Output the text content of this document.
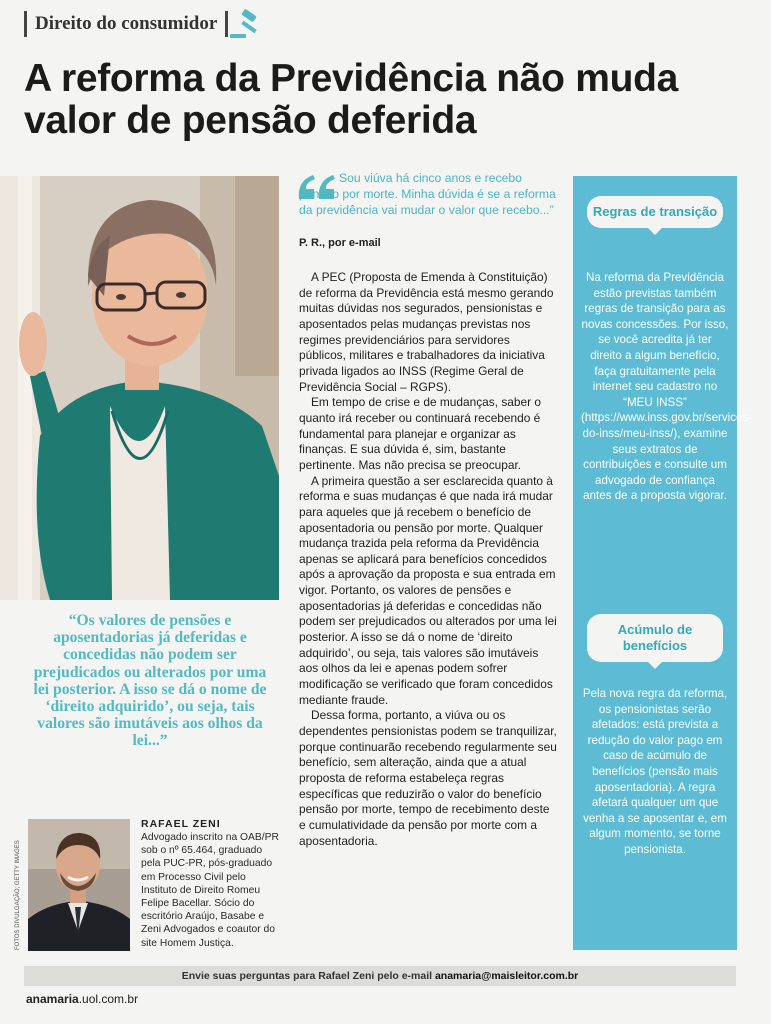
Direito do consumidor
A reforma da Previdência não muda valor de pensão deferida
“Os valores de pensões e aposentadorias já deferidas e concedidas não podem ser prejudicados ou alterados por uma lei posterior. A isso se dá o nome de ‘direito adquirido’, ou seja, tais valores são imutáveis aos olhos da lei...”
FOTOS DIVULGAÇÃO; GETTY IMAGES
RAFAEL ZENI
Advogado inscrito na OAB/PR sob o nº 65.464, graduado pela PUC-PR, pós-graduado em Processo Civil pelo Instituto de Direito Romeu Felipe Bacellar. Sócio do escritório Araújo, Basabe e Zeni Advogados e coautor do site Homem Justiça.
Sou viúva há cinco anos e recebo pensão por morte. Minha dúvida é se a reforma da previdência vai mudar o valor que recebo...”
P. R., por e-mail

A PEC (Proposta de Emenda à Constituição) de reforma da Previdência está mesmo gerando muitas dúvidas nos segurados, pensionistas e aposentados pelas mudanças previstas nos regimes previdenciários para servidores públicos, militares e trabalhadores da iniciativa privada ligados ao INSS (Regime Geral de Previdência Social – RGPS).

Em tempo de crise e de mudanças, saber o quanto irá receber ou continuará recebendo é fundamental para planejar e organizar as finanças. E sua dúvida é, sim, bastante pertinente. Mas não precisa se preocupar.

A primeira questão a ser esclarecida quanto à reforma e suas mudanças é que nada irá mudar para aqueles que já recebem o benefício de aposentadoria ou pensão por morte. Qualquer mudança trazida pela reforma da Previdência apenas se aplicará para benefícios concedidos após a aprovação da proposta e sua entrada em vigor. Portanto, os valores de pensões e aposentadorias já deferidas e concedidas não podem ser prejudicados ou alterados por uma lei posterior. A isso se dá o nome de ‘direito adquirido’, ou seja, tais valores são imutáveis aos olhos da lei e apenas podem sofrer modificação se verificado que foram concedidos mediante fraude.

Dessa forma, portanto, a viúva ou os dependentes pensionistas podem se tranquilizar, porque continuarão recebendo regularmente seu benefício, sem alteração, ainda que a atual proposta de reforma estabeleça regras específicas que reduzirão o valor do benefício pensão por morte, tempo de recebimento deste e cumulatividade da pensão por morte com a aposentadoria.

Regras de transição
Na reforma da Previdência estão previstas também regras de transição para as novas concessões. Por isso, se você acredita já ter direito a algum benefício, faça gratuitamente pela internet seu cadastro no “MEU INSS” (https://www.inss.gov.br/servicos-do-inss/meu-inss/), examine seus extratos de contribuições e consulte um advogado de confiança antes de a proposta vigorar.
Acúmulo de benefícios
Pela nova regra da reforma, os pensionistas serão afetados: está prevista a redução do valor pago em caso de acúmulo de benefícios (pensão mais aposentadoria). A regra afetará qualquer um que venha a se aposentar e, em algum momento, se torne pensionista.
Envie suas perguntas para Rafael Zeni pelo e-mail anamaria@maisleitor.com.br
anamaria.uol.com.br
